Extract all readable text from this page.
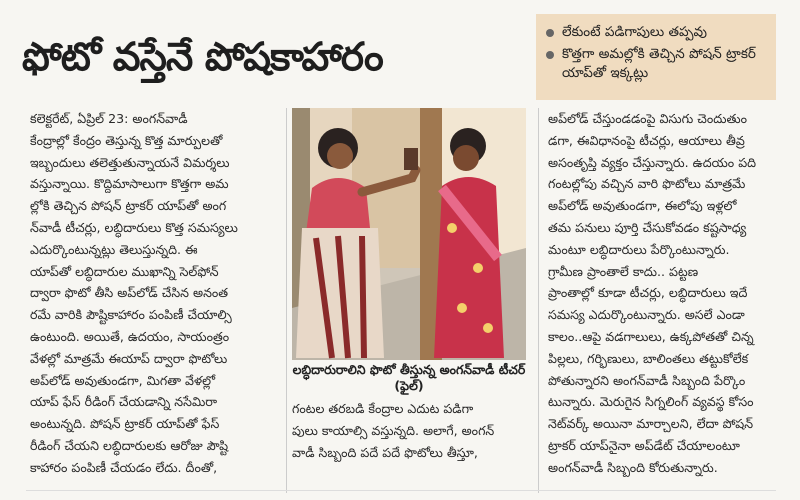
ఫోటో వస్తేనే పోషకాహారం
లేకుంటే పడిగాపులు తప్పవు
కొత్తగా అమల్లోకి తెచ్చిన పోషన్ ట్రాకర్ యాప్‌తో ఇక్కట్లు

కలెక్టరేట్‌, ఏప్రిల్‌ 23: అంగన్‌వాడీ

కేంద్రాల్లో కేంద్రం తెస్తున్న కొత్త మార్పులతో

ఇబ్బందులు తలెత్తుతున్నాయనే విమర్శలు

వస్తున్నాయి. కొద్దిమాసాలుగా కొత్తగా అమ

ల్లోకి తెచ్చిన పోషన్‌ ట్రాకర్‌ యాప్‌తో అంగ

న్‌వాడీ టీచర్లు, లబ్ధిదారులు కొత్త సమస్యలు

ఎదుర్కొంటున్నట్లు తెలుస్తున్నది. ఈ

యాప్‌తో లబ్ధిదారుల ముఖాన్ని సెల్‌ఫోన్‌

ద్వారా ఫొటో తీసి అప్‌లోడ్‌ చేసిన అనంత

రమే వారికి పౌష్టికాహారం పంపిణీ చేయాల్సి

ఉంటుంది. అయితే, ఉదయం, సాయంత్రం

వేళల్లో మాత్రమే ఈయాప్‌ ద్వారా ఫొటోలు

అప్‌లోడ్‌ అవుతుండగా, మిగతా వేళల్లో

యాప్‌ ఫేస్‌ రీడింగ్‌ చేయడాన్ని నసేమిరా

అంటున్నది. పోషన్‌ ట్రాకర్‌ యాప్‌తో ఫేస్‌

రీడింగ్‌ చేయని లబ్ధిదారులకు ఆరోజు పౌష్టి

కాహారం పంపిణీ చేయడం లేదు. దీంతో,

లబ్ధిదారురాలిని ఫొటో తీస్తున్న అంగన్‌వాడీ టీచర్‌ (ఫైల్‌)

గంటల తరబడి కేంద్రాల ఎదుట పడిగా

పులు కాయాల్సి వస్తున్నది. అలాగే, అంగన్‌

వాడీ సిబ్బంది పదే పదే ఫొటోలు తీస్తూ,

అప్‌లోడ్‌ చేస్తుండడంపై విసుగు చెందుతుం

డగా, ఈవిధానంపై టీచర్లు, ఆయాలు తీవ్ర

అసంతృప్తి వ్యక్తం చేస్తున్నారు. ఉదయం పది

గంటల్లోపు వచ్చిన వారి ఫొటోలు మాత్రమే

అప్‌లోడ్‌ అవుతుండగా, ఈలోపు ఇళ్లలో

తమ పనులు పూర్తి చేసుకోవడం కష్టసాధ్య

మంటూ లబ్ధిదారులు పేర్కొంటున్నారు.

గ్రామీణ ప్రాంతాలే కాదు.. పట్టణ

ప్రాంతాల్లో కూడా టీచర్లు, లబ్ధిదారులు ఇదే

సమస్య ఎదుర్కొంటున్నారు. అసలే ఎండా

కాలం..ఆపై వడగాలులు, ఉక్కపోతతో చిన్న

పిల్లలు, గర్భిణులు, బాలింతలు తట్టుకోలేక

పోతున్నారని అంగన్‌వాడీ సిబ్బంది పేర్కొం

టున్నారు. మెరుగైన సిగ్నలింగ్‌ వ్యవస్థ కోసం

నెట్‌వర్క్‌ అయినా మార్చాలని, లేదా పోషన్‌

ట్రాకర్‌ యాప్‌నైనా అప్‌డేట్‌ చేయాలంటూ

అంగన్‌వాడీ సిబ్బంది కోరుతున్నారు.
